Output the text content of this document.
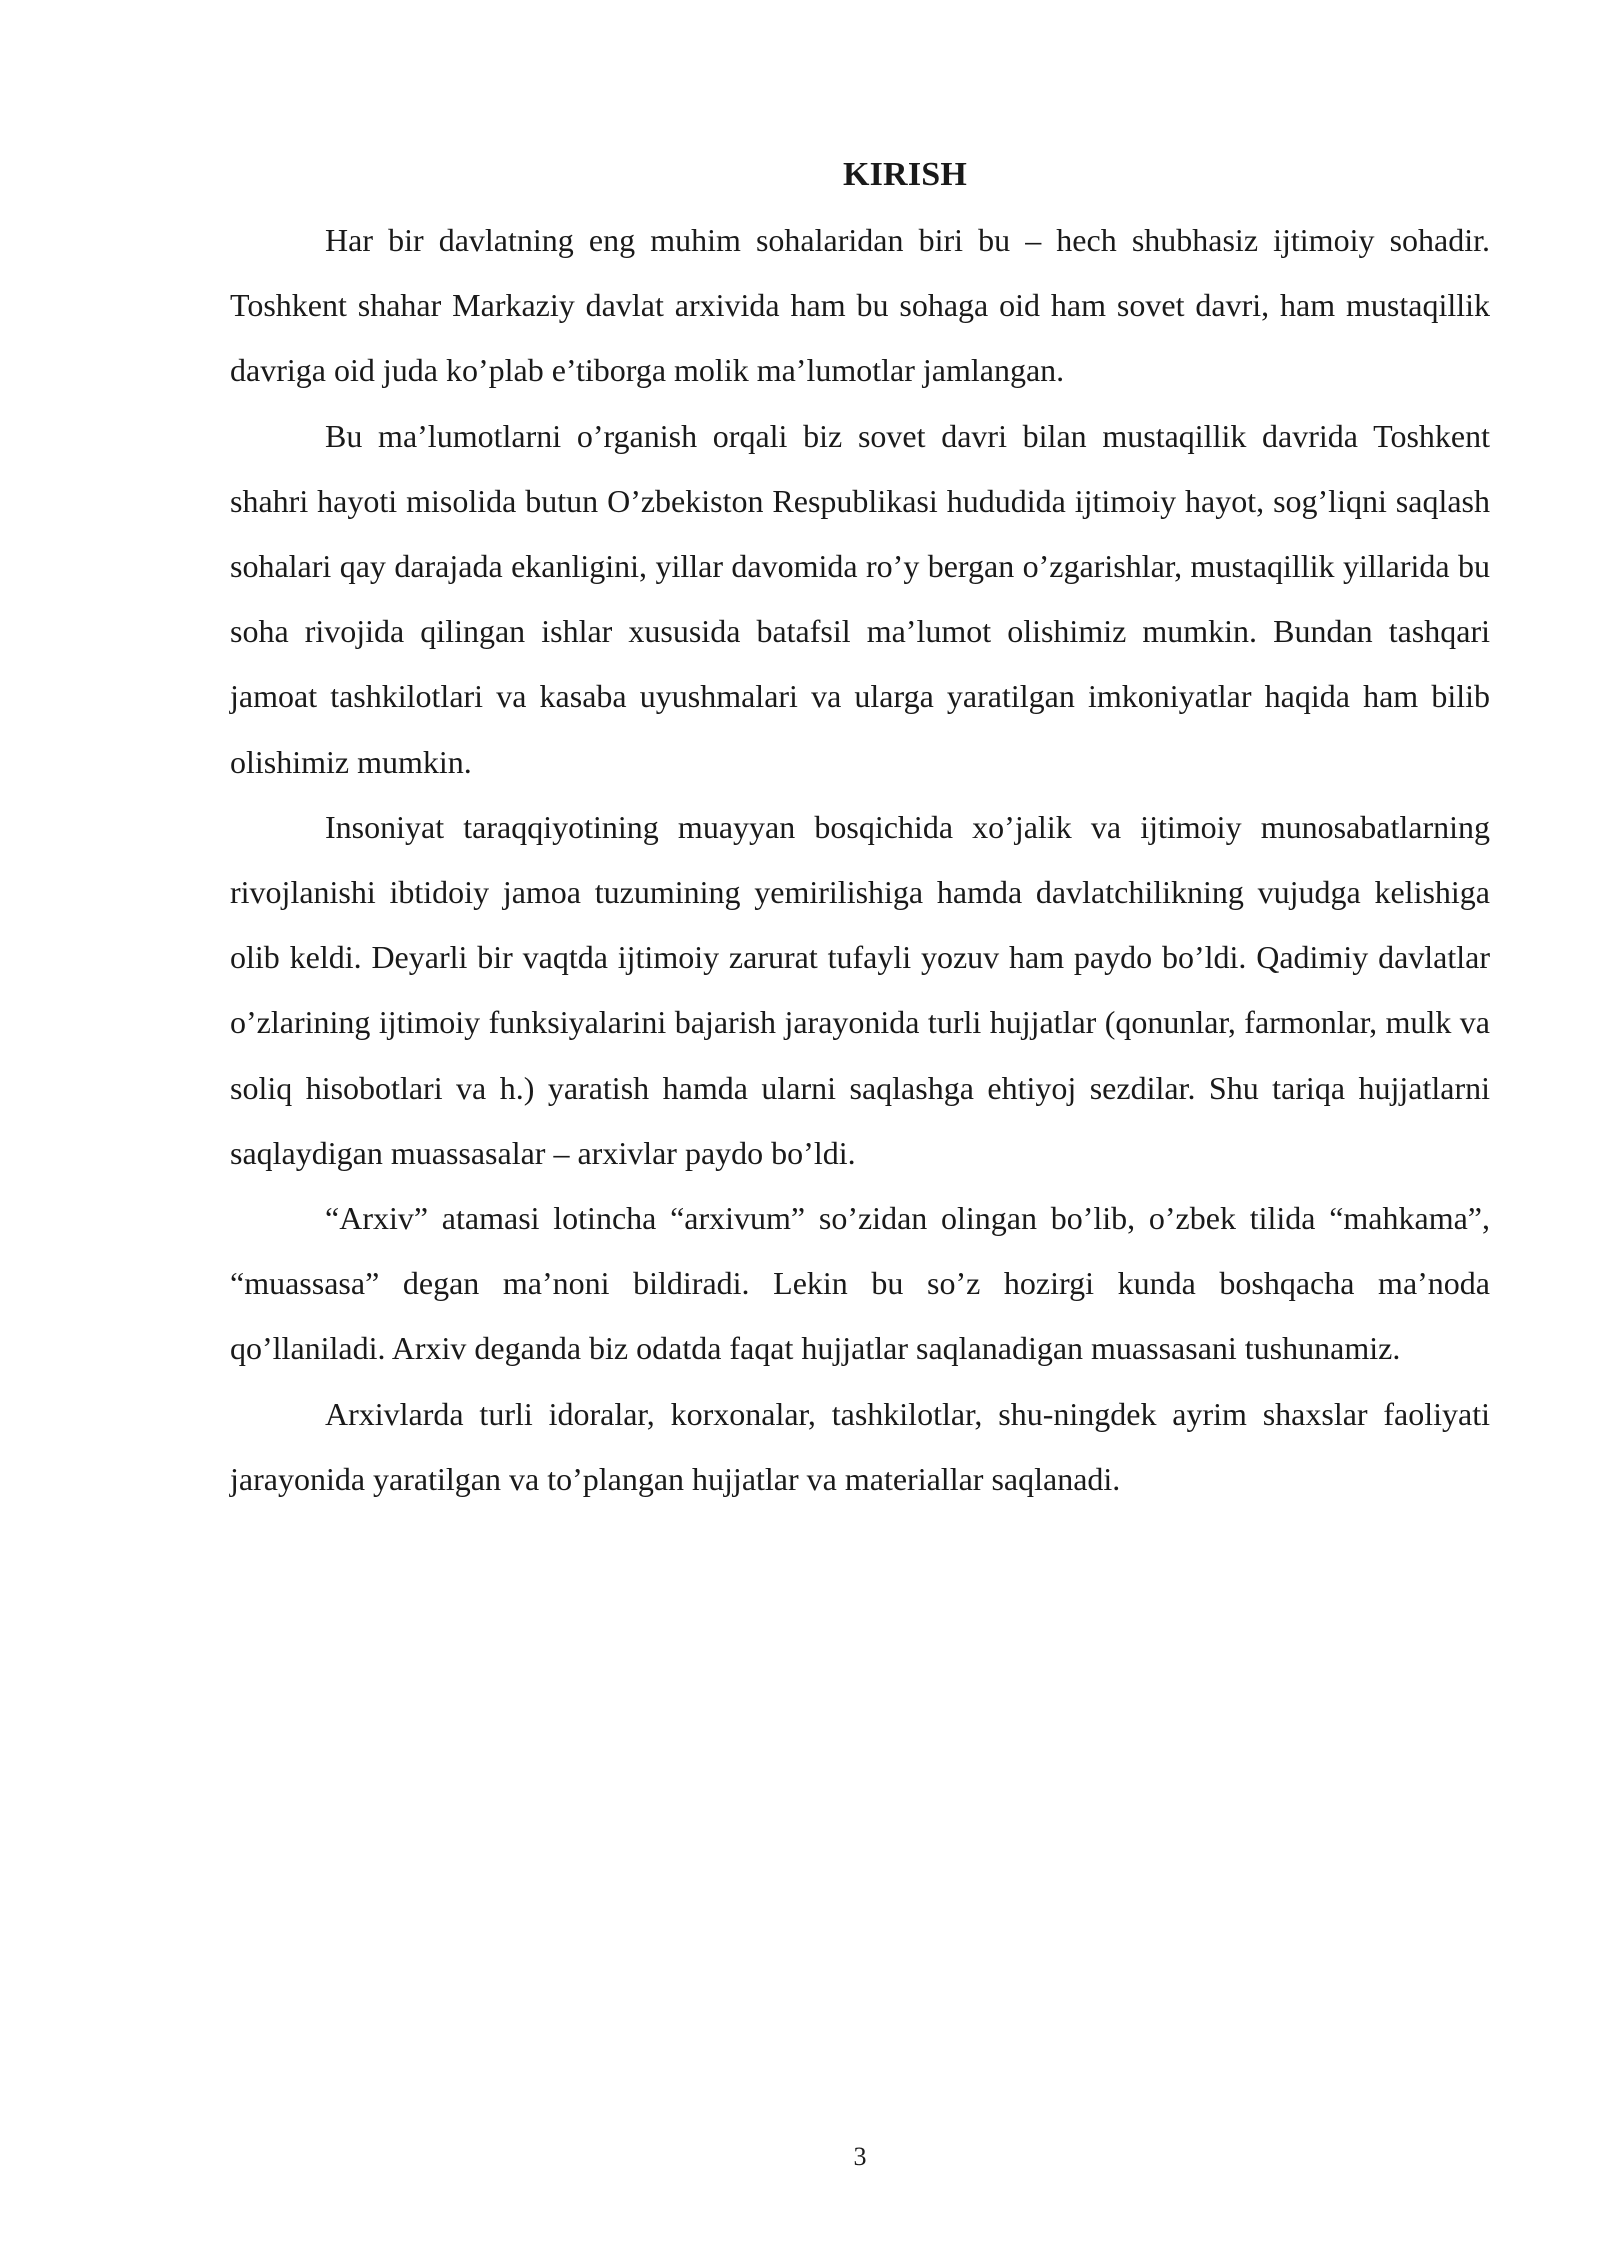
KIRISH

Har bir davlatning eng muhim sohalaridan biri bu – hech shubhasiz ijtimoiy sohadir. Toshkent shahar Markaziy davlat arxivida ham bu sohaga oid ham sovet davri, ham mustaqillik davriga oid juda ko’plab e’tiborga molik ma’lumotlar jamlangan.

Bu ma’lumotlarni o’rganish orqali biz sovet davri bilan mustaqillik davrida Toshkent shahri hayoti misolida butun O’zbekiston Respublikasi hududida ijtimoiy hayot, sog’liqni saqlash sohalari qay darajada ekanligini, yillar davomida ro’y bergan o’zgarishlar, mustaqillik yillarida bu soha rivojida qilingan ishlar xususida batafsil ma’lumot olishimiz mumkin. Bundan tashqari jamoat tashkilotlari va kasaba uyushmalari va ularga yaratilgan imkoniyatlar haqida ham bilib olishimiz mumkin.

Insoniyat taraqqiyotining muayyan bosqichida xo’jalik va ijtimoiy munosabatlarning rivojlanishi ibtidoiy jamoa tuzumining yemirilishiga hamda davlatchilikning vujudga kelishiga olib keldi. Deyarli bir vaqtda ijtimoiy zarurat tufayli yozuv ham paydo bo’ldi. Qadimiy davlatlar o’zlarining ijtimoiy funksiyalarini bajarish jarayonida turli hujjatlar (qonunlar, farmonlar, mulk va soliq hisobotlari va h.) yaratish hamda ularni saqlashga ehtiyoj sezdilar. Shu tariqa hujjatlarni saqlaydigan muassasalar – arxivlar paydo bo’ldi.

“Arxiv” atamasi lotincha “arxivum” so’zidan olingan bo’lib, o’zbek tilida “mahkama”, “muassasa” degan ma’noni bildiradi. Lekin bu so’z hozirgi kunda boshqacha ma’noda qo’llaniladi. Arxiv deganda biz odatda faqat hujjatlar saqlanadigan muassasani tushunamiz.

Arxivlarda turli idoralar, korxonalar, tashkilotlar, shu-ningdek ayrim shaxslar faoliyati jarayonida yaratilgan va to’plangan hujjatlar va materiallar saqlanadi.

3
